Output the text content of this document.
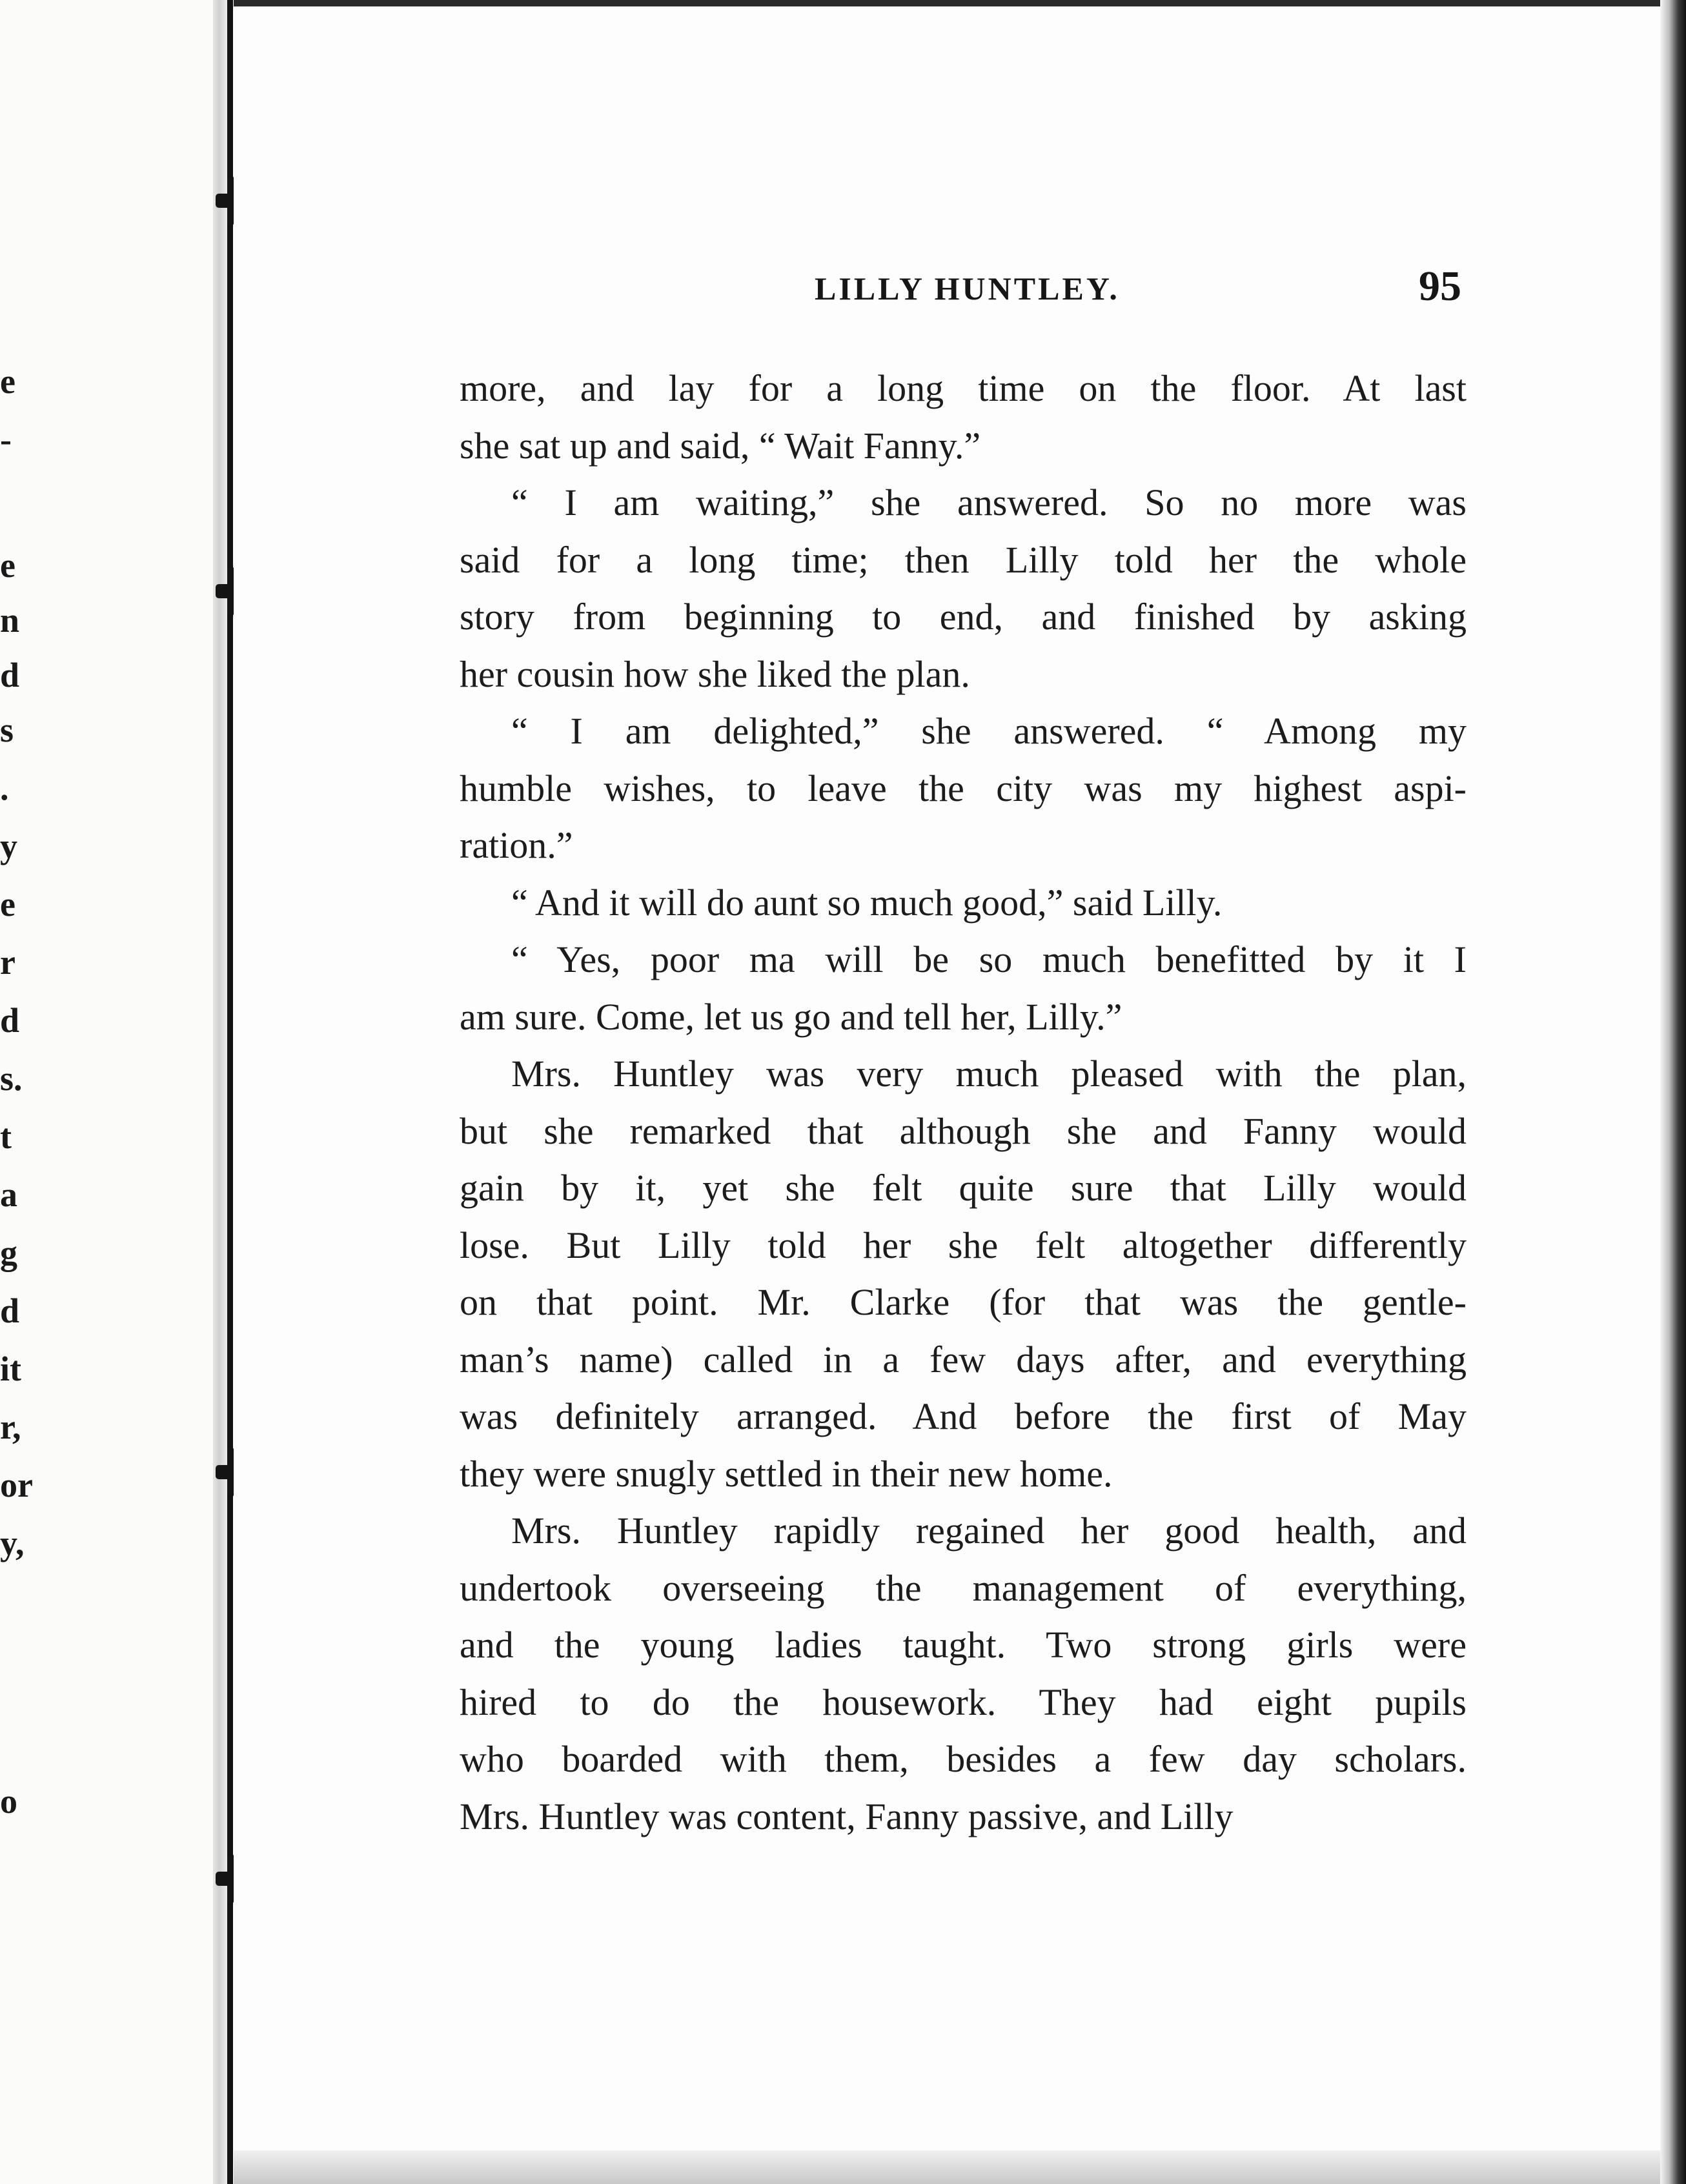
e
-
e
n
d
s
.
y
e
r
d
s.
t
a
g
d
it
r,
or
y,
o
LILLY HUNTLEY.	95
more, and lay for a long time on the floor. At last
she sat up and said, “ Wait Fanny.”
“ I am waiting,” she answered. So no more was
said for a long time; then Lilly told her the whole
story from beginning to end, and finished by asking
her cousin how she liked the plan.
“ I am delighted,” she answered. “ Among my
humble wishes, to leave the city was my highest aspi-
ration.”
“ And it will do aunt so much good,” said Lilly.
“ Yes, poor ma will be so much benefitted by it I
am sure. Come, let us go and tell her, Lilly.”
Mrs. Huntley was very much pleased with the plan,
but she remarked that although she and Fanny would
gain by it, yet she felt quite sure that Lilly would
lose. But Lilly told her she felt altogether differently
on that point. Mr. Clarke (for that was the gentle-
man’s name) called in a few days after, and everything
was definitely arranged. And before the first of May
they were snugly settled in their new home.
Mrs. Huntley rapidly regained her good health, and
undertook overseeing the management of everything,
and the young ladies taught. Two strong girls were
hired to do the housework. They had eight pupils
who boarded with them, besides a few day scholars.
Mrs. Huntley was content, Fanny passive, and Lilly
